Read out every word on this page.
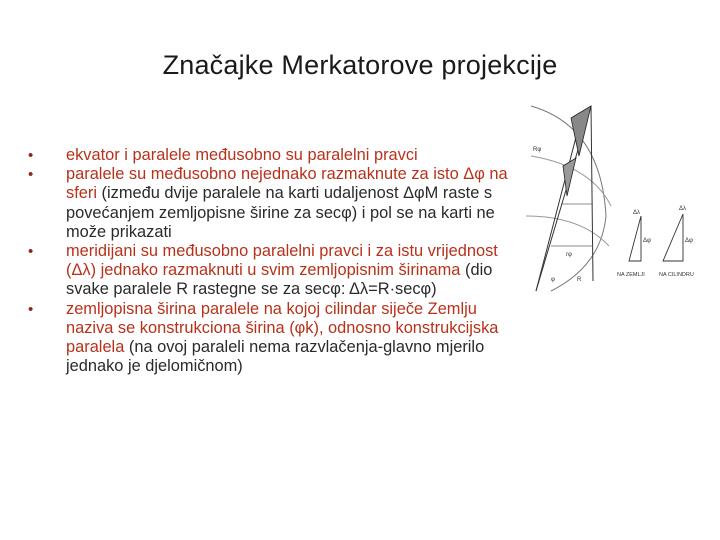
Značajke Merkatorove projekcije
• ekvator i paralele međusobno su paralelni pravci
• paralele su međusobno nejednako razmaknute za isto Δφ na sferi (između dvije paralele na karti udaljenost ΔφM raste s povećanjem zemljopisne širine za secφ) i pol se na karti ne može prikazati
• meridijani su međusobno paralelni pravci i za istu vrijednost (Δλ) jednako razmaknuti u svim zemljopisnim širinama (dio svake paralele R rastegne se za secφ: Δλ=R·secφ)
• zemljopisna širina paralele na kojoj cilindar siječe Zemlju naziva se konstrukciona širina (φk), odnosno konstrukcijska paralela (na ovoj paraleli nema razvlačenja-glavno mjerilo jednako je djelomičnom)
Rφ
rφ
φ	R
Δλ
Δλ
Δφ	Δφ
NA ZEMLJI	NA CILINDRU
